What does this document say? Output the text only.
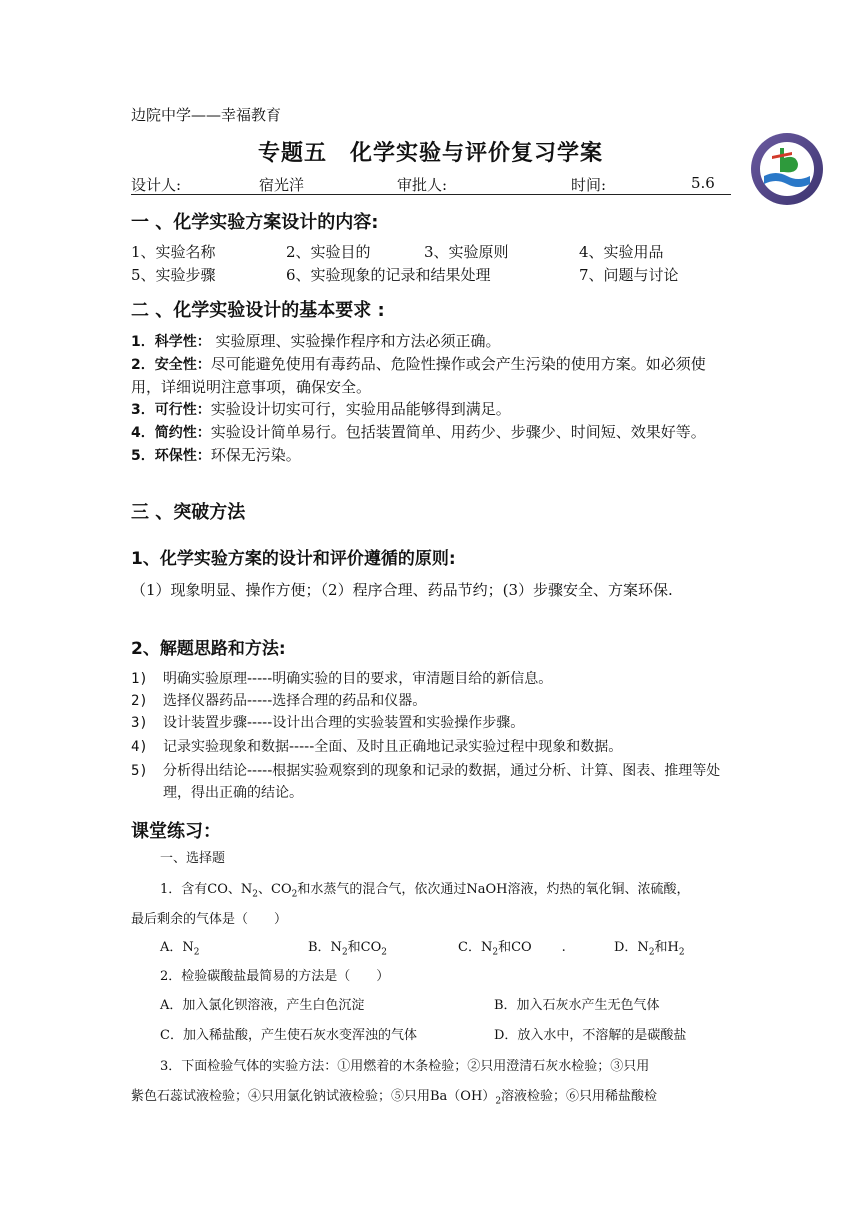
边院中学——幸福教育
专题五　化学实验与评价复习学案
设计人:	宿光洋	审批人:	时间:	5.6
一 、化学实验方案设计的内容:
1、实验名称	2、实验目的	3、实验原则	4、实验用品
5、实验步骤	6、实验现象的记录和结果处理	7、问题与讨论
二 、化学实验设计的基本要求 :
1．科学性： 实验原理、实验操作程序和方法必须正确。
2．安全性：尽可能避免使用有毒药品、危险性操作或会产生污染的使用方案。如必须使用，详细说明注意事项，确保安全。
3．可行性：实验设计切实可行，实验用品能够得到满足。
4．简约性：实验设计简单易行。包括装置简单、用药少、步骤少、时间短、效果好等。
5．环保性：环保无污染。
三 、突破方法
1、化学实验方案的设计和评价遵循的原则:
（1）现象明显、操作方便；（2）程序合理、药品节约；(3）步骤安全、方案环保.
2、解题思路和方法:
1) 明确实验原理-----明确实验的目的要求，审清题目给的新信息。
2) 选择仪器药品-----选择合理的药品和仪器。
3) 设计装置步骤-----设计出合理的实验装置和实验操作步骤。
4) 记录实验现象和数据-----全面、及时且正确地记录实验过程中现象和数据。
5) 分析得出结论-----根据实验观察到的现象和记录的数据，通过分析、计算、图表、推理等处理，得出正确的结论。
课堂练习：
一、选择题
1．含有CO、$N_2$、$CO_2$和水蒸气的混合气，依次通过NaOH溶液，灼热的氧化铜、浓硫酸，
最后剩余的气体是（　　）
A．$N_2$	B．$N_2$和$CO_2$	C．$N_2$和CO .	D．$N_2$和$H_2$
2．检验碳酸盐最简易的方法是（　　）
A．加入氯化钡溶液，产生白色沉淀	B．加入石灰水产生无色气体
C．加入稀盐酸，产生使石灰水变浑浊的气体	D．放入水中，不溶解的是碳酸盐
3．下面检验气体的实验方法：①用燃着的木条检验；②只用澄清石灰水检验；③只用
紫色石蕊试液检验；④只用氯化钠试液检验；⑤只用$Ba(OH)_2$溶液检验；⑥只用稀盐酸检
